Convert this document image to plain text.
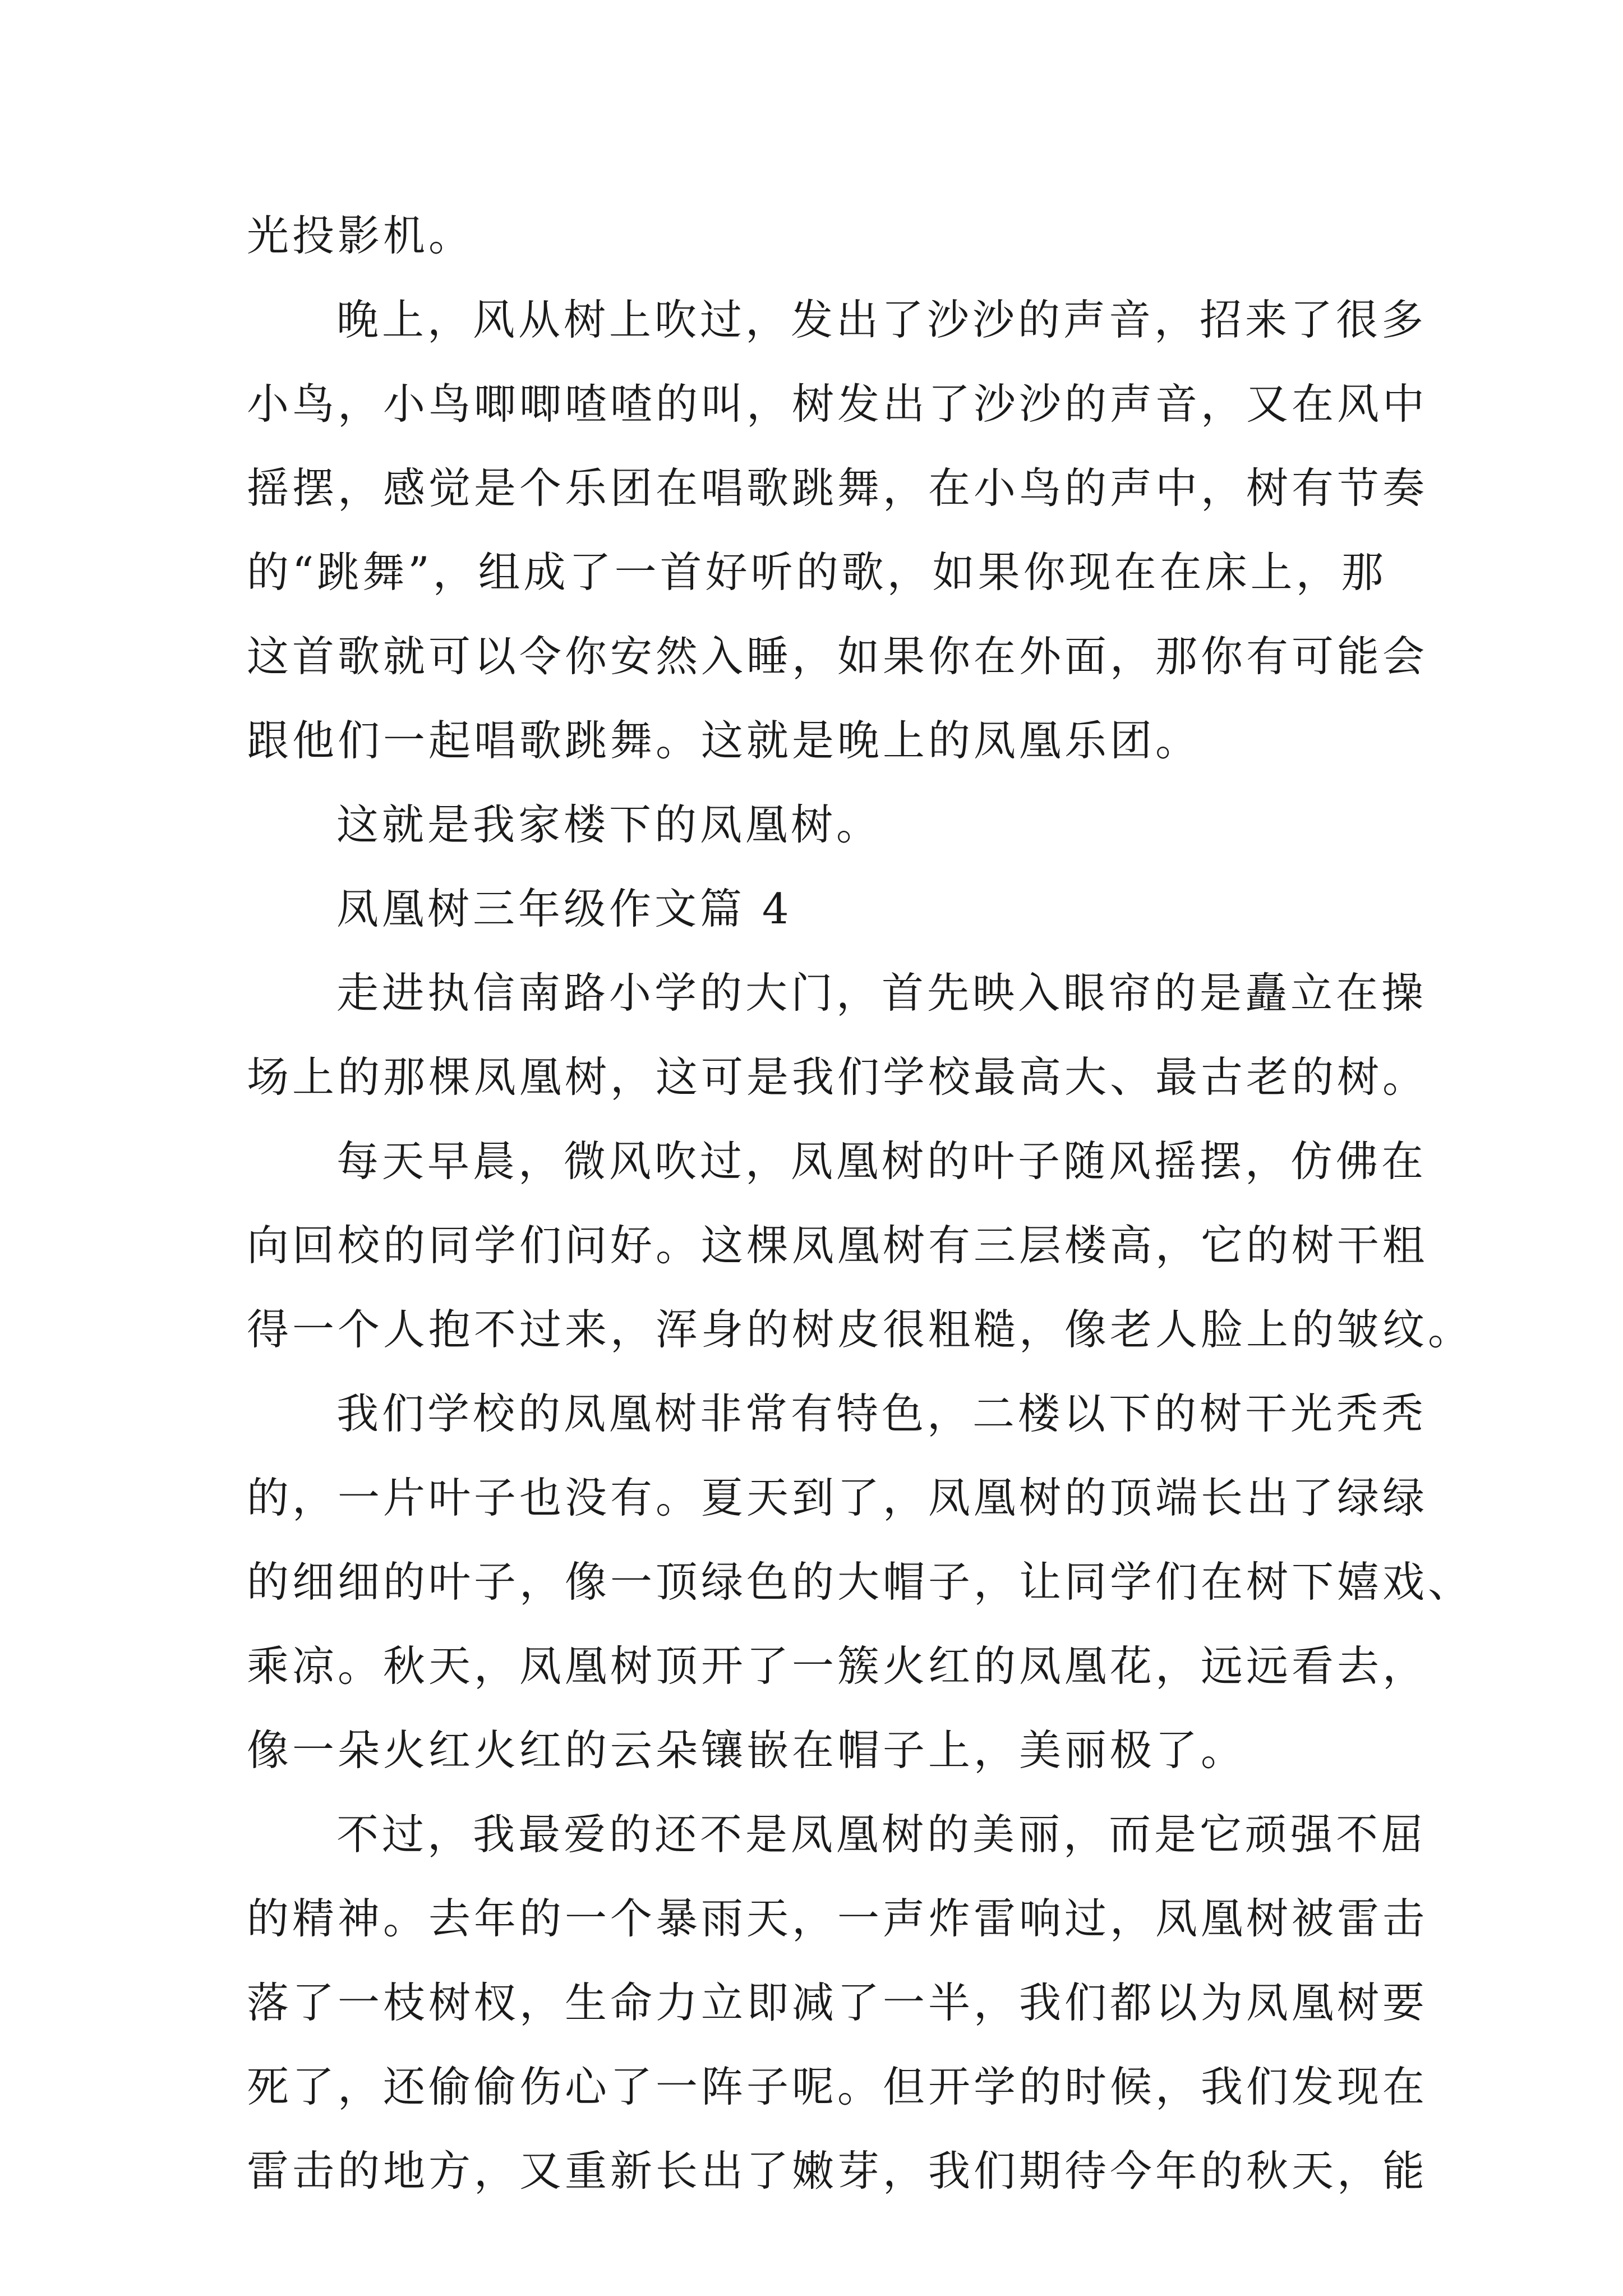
光投影机。

晚上，风从树上吹过，发出了沙沙的声音，招来了很多
小鸟，小鸟唧唧喳喳的叫，树发出了沙沙的声音，又在风中
摇摆，感觉是个乐团在唱歌跳舞，在小鸟的声中，树有节奏
的“跳舞”，组成了一首好听的歌，如果你现在在床上，那
这首歌就可以令你安然入睡，如果你在外面，那你有可能会
跟他们一起唱歌跳舞。这就是晚上的凤凰乐团。

这就是我家楼下的凤凰树。

凤凰树三年级作文篇 4

走进执信南路小学的大门，首先映入眼帘的是矗立在操
场上的那棵凤凰树，这可是我们学校最高大、最古老的树。

每天早晨，微风吹过，凤凰树的叶子随风摇摆，仿佛在
向回校的同学们问好。这棵凤凰树有三层楼高，它的树干粗
得一个人抱不过来，浑身的树皮很粗糙，像老人脸上的皱纹。

我们学校的凤凰树非常有特色，二楼以下的树干光秃秃
的，一片叶子也没有。夏天到了，凤凰树的顶端长出了绿绿
的细细的叶子，像一顶绿色的大帽子，让同学们在树下嬉戏、
乘凉。秋天，凤凰树顶开了一簇火红的凤凰花，远远看去，
像一朵火红火红的云朵镶嵌在帽子上，美丽极了。

不过，我最爱的还不是凤凰树的美丽，而是它顽强不屈
的精神。去年的一个暴雨天，一声炸雷响过，凤凰树被雷击
落了一枝树杈，生命力立即减了一半，我们都以为凤凰树要
死了，还偷偷伤心了一阵子呢。但开学的时候，我们发现在
雷击的地方，又重新长出了嫩芽，我们期待今年的秋天，能
